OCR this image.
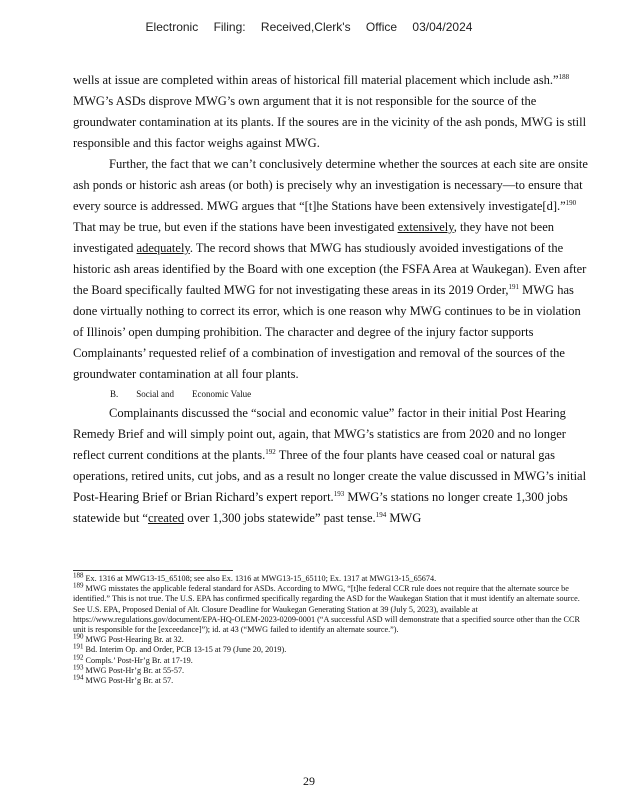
Electronic Filing: Received,Clerk's Office 03/04/2024

wells at issue are completed within areas of historical fill material placement which include ash.”$^{188}$ MWG’s ASDs disprove MWG’s own argument that it is not responsible for the source of the groundwater contamination at its plants. If the soures are in the vicinity of the ash ponds, MWG is still responsible and this factor weighs against MWG.

Further, the fact that we can’t conclusively determine whether the sources at each site are onsite ash ponds or historic ash areas (or both) is precisely why an investigation is necessary—to ensure that every source is addressed. MWG argues that “[t]he Stations have been extensively investigate[d].”$^{190}$ That may be true, but even if the stations have been investigated extensively, they have not been investigated adequately. The record shows that MWG has studiously avoided investigations of the historic ash areas identified by the Board with one exception (the FSFA Area at Waukegan). Even after the Board specifically faulted MWG for not investigating these areas in its 2019 Order,$^{191}$ MWG has done virtually nothing to correct its error, which is one reason why MWG continues to be in violation of Illinois’ open dumping prohibition. The character and degree of the injury factor supports Complainants’ requested relief of a combination of investigation and removal of the sources of the groundwater contamination at all four plants.

B. Social and Economic Value

Complainants discussed the “social and economic value” factor in their initial Post Hearing Remedy Brief and will simply point out, again, that MWG’s statistics are from 2020 and no longer reflect current conditions at the plants.$^{192}$ Three of the four plants have ceased coal or natural gas operations, retired units, cut jobs, and as a result no longer create the value discussed in MWG’s initial Post-Hearing Brief or Brian Richard’s expert report.$^{193}$ MWG’s stations no longer create 1,300 jobs statewide but “created over 1,300 jobs statewide” past tense.$^{194}$ MWG

$^{188}$ Ex. 1316 at MWG13-15_65108; see also Ex. 1316 at MWG13-15_65110; Ex. 1317 at MWG13-15_65674.

$^{189}$ MWG misstates the applicable federal standard for ASDs. According to MWG, “[t]he federal CCR rule does not require that the alternate source be identified.” This is not true. The U.S. EPA has confirmed specifically regarding the ASD for the Waukegan Station that it must identify an alternate source. See U.S. EPA, Proposed Denial of Alt. Closure Deadline for Waukegan Generating Station at 39 (July 5, 2023), available at https://www.regulations.gov/document/EPA-HQ-OLEM-2023-0209-0001 (“A successful ASD will demonstrate that a specified source other than the CCR unit is responsible for the [exceedance]”); id. at 43 (“MWG failed to identify an alternate source.”).

$^{190}$ MWG Post-Hearing Br. at 32.

$^{191}$ Bd. Interim Op. and Order, PCB 13-15 at 79 (June 20, 2019).

$^{192}$ Compls.’ Post-Hr’g Br. at 17-19.

$^{193}$ MWG Post-Hr’g Br. at 55-57.

$^{194}$ MWG Post-Hr’g Br. at 57.

29
